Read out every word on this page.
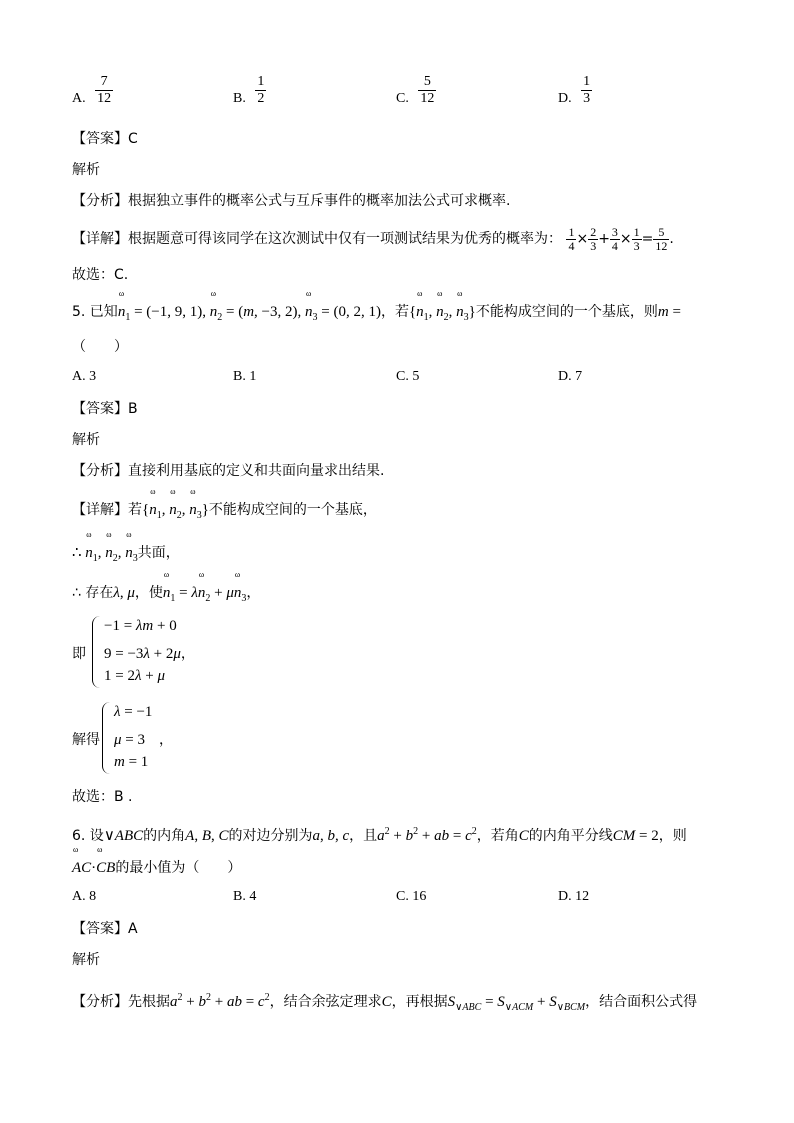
A. $\frac{7}{12}$	B. $\frac{1}{2}$	C. $\frac{5}{12}$	D. $\frac{1}{3}$
【答案】C
解析
【分析】根据独立事件的概率公式与互斥事件的概率加法公式可求概率.
【详解】根据题意可得该同学在这次测试中仅有一项测试结果为优秀的概率为： $\frac{1}{4} \times \frac{2}{3} + \frac{3}{4} \times \frac{1}{3} = \frac{5}{12}$ .
故选：C.
5. 已知ω $n_1 = (-1$, 9, 1), ω $n_2 = (m$, −3, 2), ω $n_3 = (0$, 2, 1)，若{ω $n_1$, ω $n_2$, ω $n_3$}不能构成空间的一个基底，则m =
（　　）
A. 3	B. 1	C. 5	D. 7
【答案】B
解析
【分析】直接利用基底的定义和共面向量求出结果.
【详解】若{ω $n_1$, ω $n_2$, ω $n_3$}不能构成空间的一个基底，
∴ ω $n_1$, ω $n_2$, ω $n_3$共面，
∴ 存在λ, μ，使ω $n_1 = \lambda\omega$ $n_2 + \mu\omega$ $n_3$，
即
−1 = λm + 0
9 = −3λ + 2μ，
1 = 2λ + μ
解得
λ = −1
μ = 3　，
m = 1
故选：B .
6. 设∨ABC的内角A, B, C的对边分别为a, b, c，且$a^2 + b^2$ + ab = $c^2$，若角C的内角平分线CM = 2，则
ω AC·ω CB的最小值为（　　）
A. 8	B. 4	C. 16	D. 12
【答案】A
解析
【分析】先根据$a^2 + b^2$ + ab = $c^2$，结合余弦定理求C，再根据$S_{\vee ABC} = S_{\vee ACM} + S_{\vee BCM}$，结合面积公式得
